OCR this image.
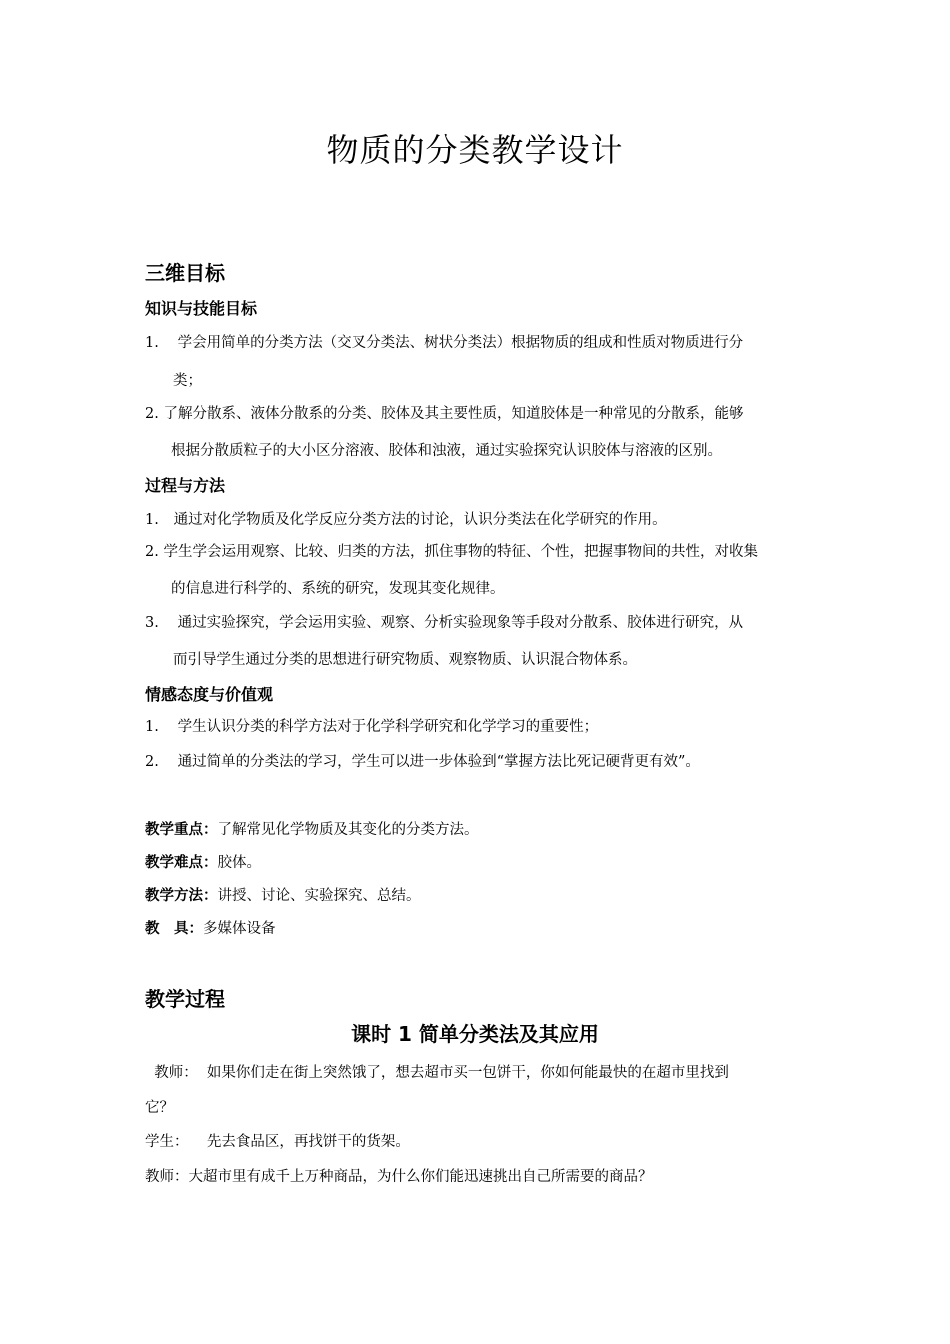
物质的分类教学设计
三维目标
知识与技能目标
1. 学会用简单的分类方法（交叉分类法、树状分类法）根据物质的组成和性质对物质进行分
类；
2. 了解分散系、液体分散系的分类、胶体及其主要性质，知道胶体是一种常见的分散系，能够
根据分散质粒子的大小区分溶液、胶体和浊液，通过实验探究认识胶体与溶液的区别。
过程与方法
1. 通过对化学物质及化学反应分类方法的讨论，认识分类法在化学研究的作用。
2. 学生学会运用观察、比较、归类的方法，抓住事物的特征、个性，把握事物间的共性，对收集
的信息进行科学的、系统的研究，发现其变化规律。
3. 通过实验探究，学会运用实验、观察、分析实验现象等手段对分散系、胶体进行研究，从
而引导学生通过分类的思想进行研究物质、观察物质、认识混合物体系。
情感态度与价值观
1. 学生认识分类的科学方法对于化学科学研究和化学学习的重要性；
2. 通过简单的分类法的学习，学生可以进一步体验到“掌握方法比死记硬背更有效”。
教学重点：了解常见化学物质及其变化的分类方法。
教学难点：胶体。
教学方法：讲授、讨论、实验探究、总结。
教　具：多媒体设备
教学过程
课时 1 简单分类法及其应用
教师：  如果你们走在街上突然饿了，想去超市买一包饼干，你如何能最快的在超市里找到
它？
学生：    先去食品区，再找饼干的货架。
教师：大超市里有成千上万种商品，为什么你们能迅速挑出自己所需要的商品？
